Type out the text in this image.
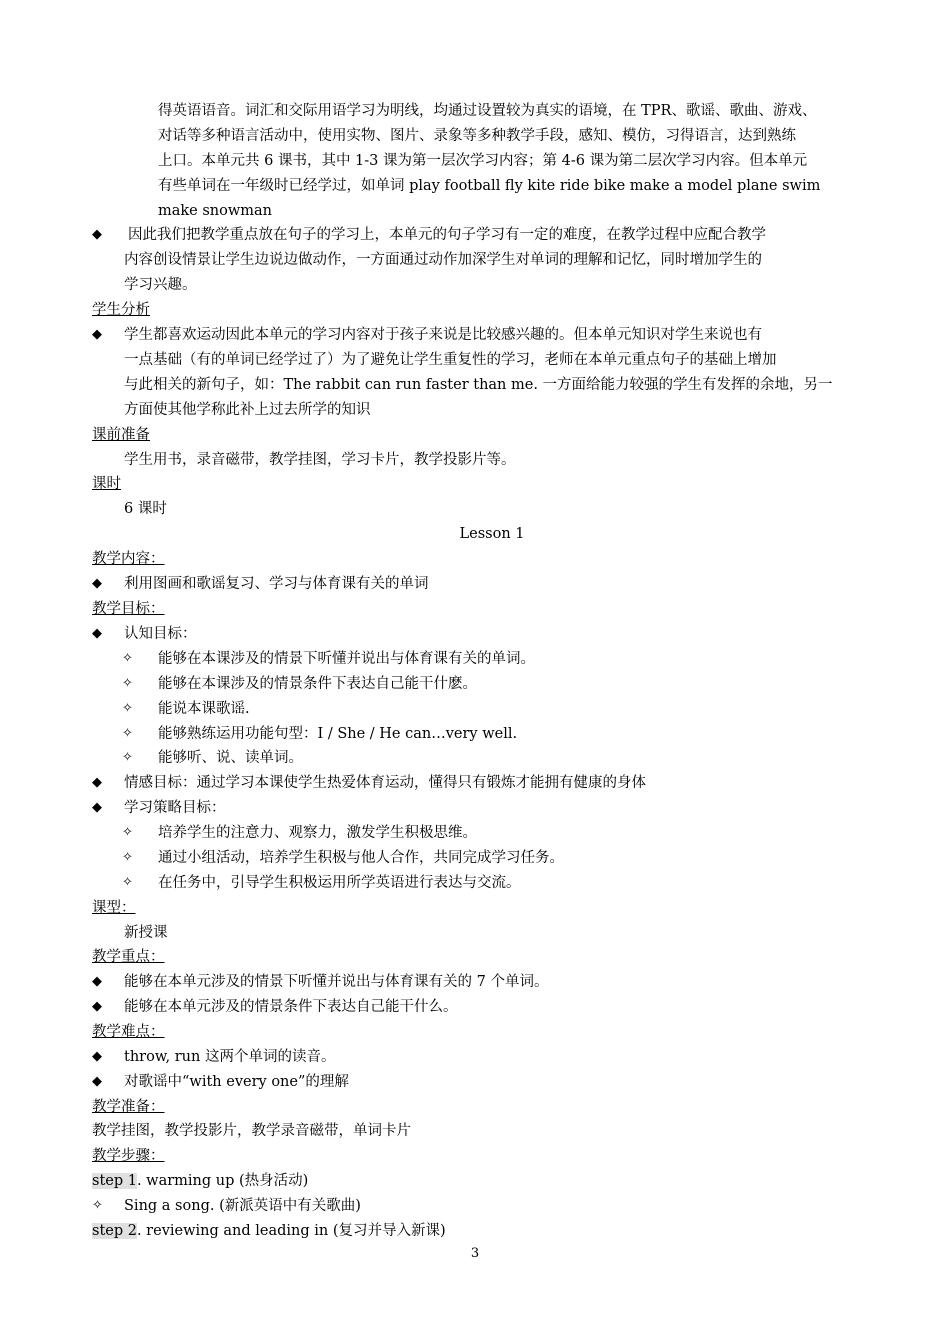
得英语语音。词汇和交际用语学习为明线，均通过设置较为真实的语境，在 TPR、歌谣、歌曲、游戏、
对话等多种语言活动中，使用实物、图片、录象等多种教学手段，感知、模仿，习得语言，达到熟练
上口。本单元共 6 课书，其中 1-3 课为第一层次学习内容；第 4-6 课为第二层次学习内容。但本单元
有些单词在一年级时已经学过，如单词 play football fly kite ride bike make a model plane swim
make snowman
◆ 因此我们把教学重点放在句子的学习上，本单元的句子学习有一定的难度，在教学过程中应配合教学
内容创设情景让学生边说边做动作，一方面通过动作加深学生对单词的理解和记忆，同时增加学生的
学习兴趣。
学生分析
◆ 学生都喜欢运动因此本单元的学习内容对于孩子来说是比较感兴趣的。但本单元知识对学生来说也有
一点基础（有的单词已经学过了）为了避免让学生重复性的学习，老师在本单元重点句子的基础上增加
与此相关的新句子，如：The rabbit can run faster than me. 一方面给能力较强的学生有发挥的余地，另一
方面使其他学称此补上过去所学的知识
课前准备
学生用书，录音磁带，教学挂图，学习卡片，教学投影片等。
课时
6 课时
Lesson 1
教学内容：
◆ 利用图画和歌谣复习、学习与体育课有关的单词
教学目标：
◆ 认知目标：
✧ 能够在本课涉及的情景下听懂并说出与体育课有关的单词。
✧ 能够在本课涉及的情景条件下表达自己能干什麽。
✧ 能说本课歌谣.
✧ 能够熟练运用功能句型：I / She / He can…very well.
✧ 能够听、说、读单词。
◆ 情感目标：通过学习本课使学生热爱体育运动，懂得只有锻炼才能拥有健康的身体
◆ 学习策略目标：
✧ 培养学生的注意力、观察力，激发学生积极思维。
✧ 通过小组活动，培养学生积极与他人合作，共同完成学习任务。
✧ 在任务中，引导学生积极运用所学英语进行表达与交流。
课型：
新授课
教学重点：
◆ 能够在本单元涉及的情景下听懂并说出与体育课有关的 7 个单词。
◆ 能够在本单元涉及的情景条件下表达自己能干什么。
教学难点：
◆ throw, run 这两个单词的读音。
◆ 对歌谣中“with every one”的理解
教学准备：
教学挂图，教学投影片，教学录音磁带，单词卡片
教学步骤：
step 1. warming up (热身活动)
✧ Sing a song. (新派英语中有关歌曲)
step 2. reviewing and leading in (复习并导入新课)
3
